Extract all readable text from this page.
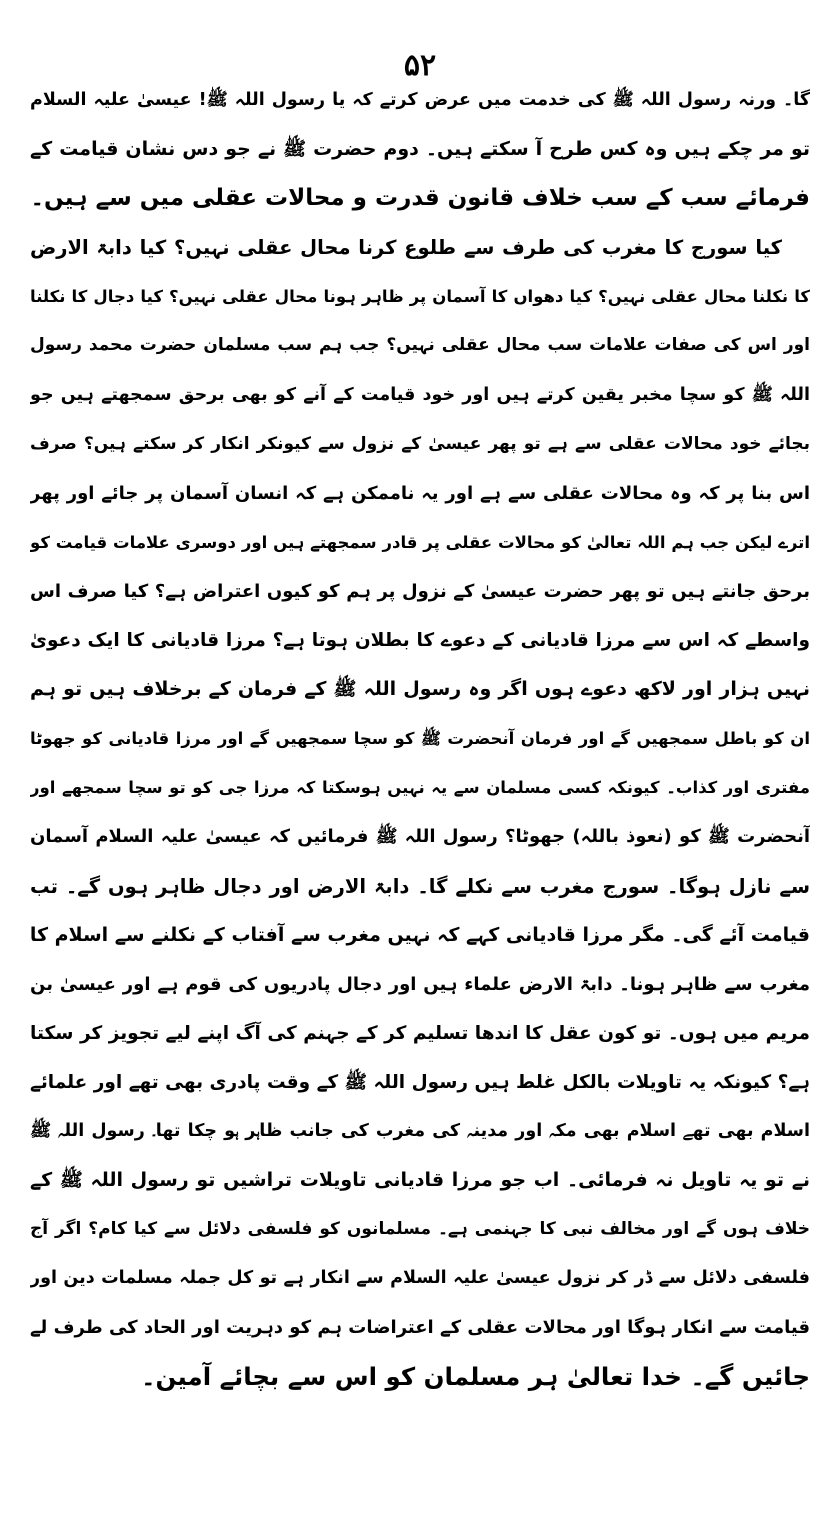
۵۲
گا۔ ورنہ رسول اللہ ﷺ کی خدمت میں عرض کرتے کہ یا رسول اللہ ﷺ! عیسیٰ علیہ السلام
تو مر چکے ہیں وہ کس طرح آ سکتے ہیں۔ دوم حضرت ﷺ نے جو دس نشان قیامت کے
فرمائے سب کے سب خلاف قانون قدرت و محالات عقلی میں سے ہیں۔
کیا سورج کا مغرب کی طرف سے طلوع کرنا محال عقلی نہیں؟ کیا دابۃ الارض
کا نکلنا محال عقلی نہیں؟ کیا دھواں کا آسمان پر ظاہر ہونا محال عقلی نہیں؟ کیا دجال کا نکلنا
اور اس کی صفات علامات سب محال عقلی نہیں؟ جب ہم سب مسلمان حضرت محمد رسول
اللہ ﷺ کو سچا مخبر یقین کرتے ہیں اور خود قیامت کے آنے کو بھی برحق سمجھتے ہیں جو
بجائے خود محالات عقلی سے ہے تو پھر عیسیٰ کے نزول سے کیونکر انکار کر سکتے ہیں؟ صرف
اس بنا پر کہ وہ محالات عقلی سے ہے اور یہ ناممکن ہے کہ انسان آسمان پر جائے اور پھر
اترے لیکن جب ہم اللہ تعالیٰ کو محالات عقلی پر قادر سمجھتے ہیں اور دوسری علامات قیامت کو
برحق جانتے ہیں تو پھر حضرت عیسیٰ کے نزول پر ہم کو کیوں اعتراض ہے؟ کیا صرف اس
واسطے کہ اس سے مرزا قادیانی کے دعوے کا بطلان ہوتا ہے؟ مرزا قادیانی کا ایک دعویٰ
نہیں ہزار اور لاکھ دعوے ہوں اگر وہ رسول اللہ ﷺ کے فرمان کے برخلاف ہیں تو ہم
ان کو باطل سمجھیں گے اور فرمان آنحضرت ﷺ کو سچا سمجھیں گے اور مرزا قادیانی کو جھوٹا
مفتری اور کذاب۔ کیونکہ کسی مسلمان سے یہ نہیں ہوسکتا کہ مرزا جی کو تو سچا سمجھے اور
آنحضرت ﷺ کو (نعوذ باللہ) جھوٹا؟ رسول اللہ ﷺ فرمائیں کہ عیسیٰ علیہ السلام آسمان
سے نازل ہوگا۔ سورج مغرب سے نکلے گا۔ دابۃ الارض اور دجال ظاہر ہوں گے۔ تب
قیامت آئے گی۔ مگر مرزا قادیانی کہے کہ نہیں مغرب سے آفتاب کے نکلنے سے اسلام کا
مغرب سے ظاہر ہونا۔ دابۃ الارض علماء ہیں اور دجال پادریوں کی قوم ہے اور عیسیٰ بن
مریم میں ہوں۔ تو کون عقل کا اندھا تسلیم کر کے جہنم کی آگ اپنے لیے تجویز کر سکتا
ہے؟ کیونکہ یہ تاویلات بالکل غلط ہیں رسول اللہ ﷺ کے وقت پادری بھی تھے اور علمائے
اسلام بھی تھے اسلام بھی مکہ اور مدینہ کی مغرب کی جانب ظاہر ہو چکا تھا۔ رسول اللہ ﷺ
نے تو یہ تاویل نہ فرمائی۔ اب جو مرزا قادیانی تاویلات تراشیں تو رسول اللہ ﷺ کے
خلاف ہوں گے اور مخالف نبی کا جہنمی ہے۔ مسلمانوں کو فلسفی دلائل سے کیا کام؟ اگر آج
فلسفی دلائل سے ڈر کر نزول عیسیٰ علیہ السلام سے انکار ہے تو کل جملہ مسلمات دین اور
قیامت سے انکار ہوگا اور محالات عقلی کے اعتراضات ہم کو دہریت اور الحاد کی طرف لے
جائیں گے۔ خدا تعالیٰ ہر مسلمان کو اس سے بچائے آمین۔
